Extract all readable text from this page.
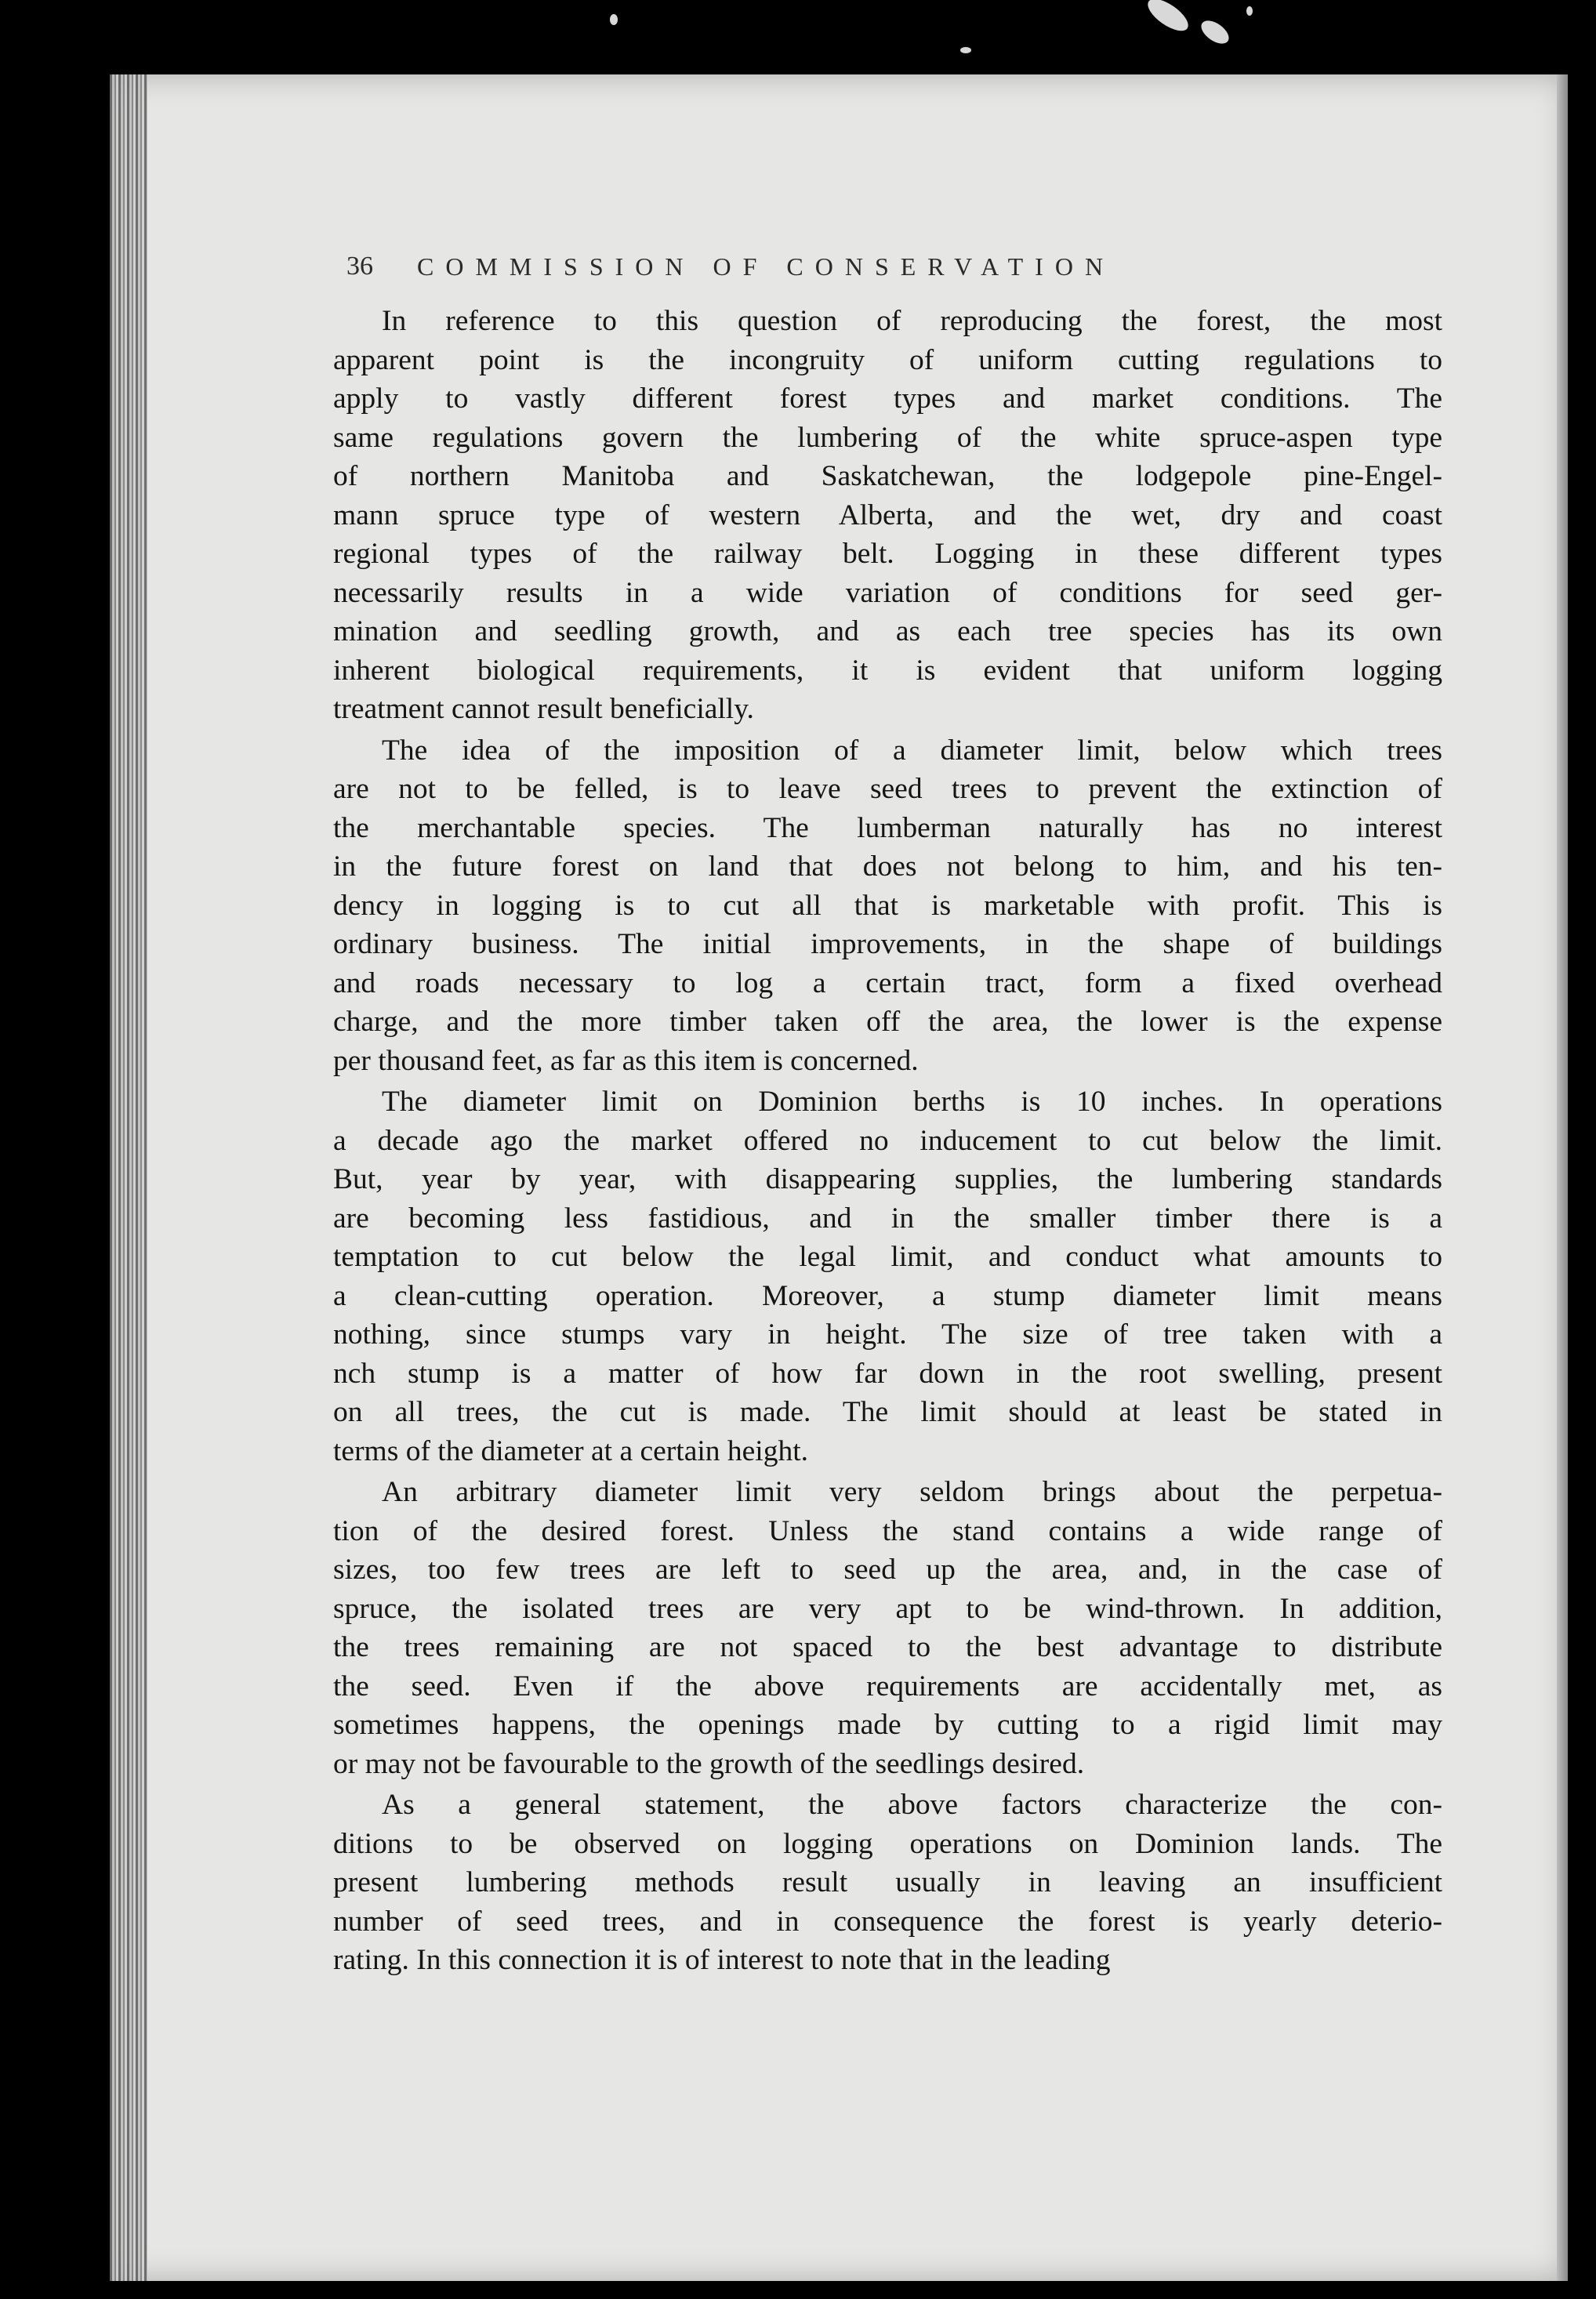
36 COMMISSION OF CONSERVATION
In reference to this question of reproducing the forest, the most
apparent point is the incongruity of uniform cutting regulations to
apply to vastly different forest types and market conditions. The
same regulations govern the lumbering of the white spruce-aspen type
of northern Manitoba and Saskatchewan, the lodgepole pine-Engel-
mann spruce type of western Alberta, and the wet, dry and coast
regional types of the railway belt. Logging in these different types
necessarily results in a wide variation of conditions for seed ger-
mination and seedling growth, and as each tree species has its own
inherent biological requirements, it is evident that uniform logging
treatment cannot result beneficially.
The idea of the imposition of a diameter limit, below which trees
are not to be felled, is to leave seed trees to prevent the extinction of
the merchantable species. The lumberman naturally has no interest
in the future forest on land that does not belong to him, and his ten-
dency in logging is to cut all that is marketable with profit. This is
ordinary business. The initial improvements, in the shape of buildings
and roads necessary to log a certain tract, form a fixed overhead
charge, and the more timber taken off the area, the lower is the expense
per thousand feet, as far as this item is concerned.
The diameter limit on Dominion berths is 10 inches. In operations
a decade ago the market offered no inducement to cut below the limit.
But, year by year, with disappearing supplies, the lumbering standards
are becoming less fastidious, and in the smaller timber there is a
temptation to cut below the legal limit, and conduct what amounts to
a clean-cutting operation. Moreover, a stump diameter limit means
nothing, since stumps vary in height. The size of tree taken with a
nch stump is a matter of how far down in the root swelling, present
on all trees, the cut is made. The limit should at least be stated in
terms of the diameter at a certain height.
An arbitrary diameter limit very seldom brings about the perpetua-
tion of the desired forest. Unless the stand contains a wide range of
sizes, too few trees are left to seed up the area, and, in the case of
spruce, the isolated trees are very apt to be wind-thrown. In addition,
the trees remaining are not spaced to the best advantage to distribute
the seed. Even if the above requirements are accidentally met, as
sometimes happens, the openings made by cutting to a rigid limit may
or may not be favourable to the growth of the seedlings desired.
As a general statement, the above factors characterize the con-
ditions to be observed on logging operations on Dominion lands. The
present lumbering methods result usually in leaving an insufficient
number of seed trees, and in consequence the forest is yearly deterio-
rating. In this connection it is of interest to note that in the leading
